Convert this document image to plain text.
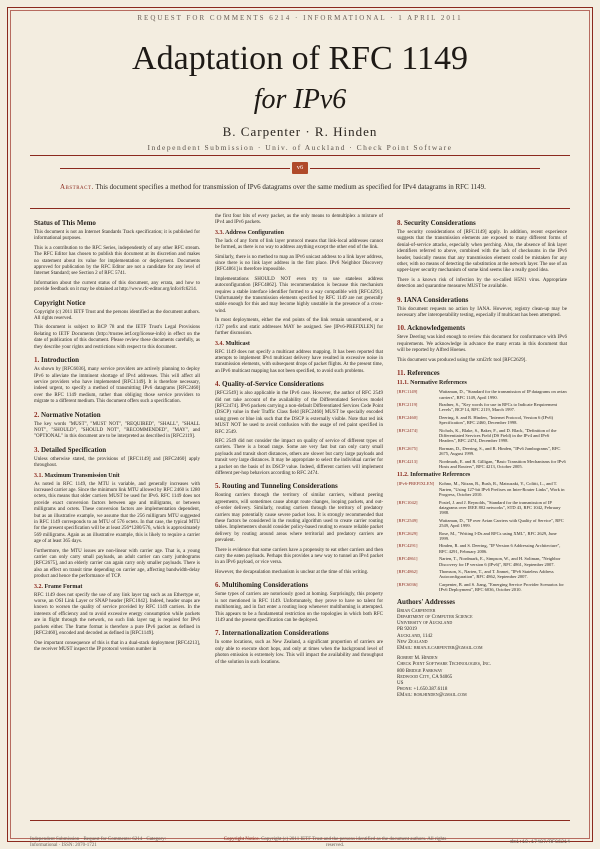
REQUEST FOR COMMENTS 6214 · INFORMATIONAL · 1 APRIL 2011
Adaptation of RFC 1149
for IPv6
B. Carpenter · R. Hinden
Independent Submission · Univ. of Auckland · Check Point Software
v6
Abstract. This document specifies a method for transmission of IPv6 datagrams over the same medium as specified for IPv4 datagrams in RFC 1149.
Status of This Memo

This document is not an Internet Standards Track specification; it is published for informational purposes.

This is a contribution to the RFC Series, independently of any other RFC stream. The RFC Editor has chosen to publish this document at its discretion and makes no statement about its value for implementation or deployment. Documents approved for publication by the RFC Editor are not a candidate for any level of Internet Standard; see Section 2 of RFC 5741.

Information about the current status of this document, any errata, and how to provide feedback on it may be obtained at http://www.rfc-editor.org/info/rfc6214.

Copyright Notice

Copyright (c) 2011 IETF Trust and the persons identified as the document authors. All rights reserved.

This document is subject to BCP 78 and the IETF Trust's Legal Provisions Relating to IETF Documents (http://trustee.ietf.org/license-info) in effect on the date of publication of this document. Please review these documents carefully, as they describe your rights and restrictions with respect to this document.

1. Introduction

As shown by [RFC6036], many service providers are actively planning to deploy IPv6 to alleviate the imminent shortage of IPv4 addresses. This will affect all service providers who have implemented [RFC1149]. It is therefore necessary, indeed urgent, to specify a method of transmitting IPv6 datagrams [RFC2460] over the RFC 1149 medium, rather than obliging those service providers to migrate to a different medium. This document offers such a specification.

2. Normative Notation

The key words "MUST", "MUST NOT", "REQUIRED", "SHALL", "SHALL NOT", "SHOULD", "SHOULD NOT", "RECOMMENDED", "MAY", and "OPTIONAL" in this document are to be interpreted as described in [RFC2119].

3. Detailed Specification

Unless otherwise stated, the provisions of [RFC1149] and [RFC2460] apply throughout.

3.1. Maximum Transmission Unit

As noted in RFC 1149, the MTU is variable, and generally increases with increased carrier age. Since the minimum link MTU allowed by RFC 2460 is 1280 octets, this means that older carriers MUST be used for IPv6. RFC 1149 does not provide exact conversion factors between age and milligrams, or between milligrams and octets. These conversion factors are implementation dependent, but as an illustrative example, we assume that the 256 milligram MTU suggested in RFC 1149 corresponds to an MTU of 576 octets. In that case, the typical MTU for the present specification will be at least 256*1280/576, which is approximately 569 milligrams. Again as an illustrative example, this is likely to require a carrier age of at least 365 days.

Furthermore, the MTU issues are non-linear with carrier age. That is, a young carrier can only carry small payloads, an adult carrier can carry jumbograms [RFC2675], and an elderly carrier can again carry only smaller payloads. There is also an effect on transit time depending on carrier age, affecting bandwidth-delay product and hence the performance of TCP.

3.2. Frame Format

RFC 1149 does not specify the use of any link layer tag such as an Ethertype or, worse, an OSI Link Layer or SNAP header [RFC1042]. Indeed, header snaps are known to worsen the quality of service provided by RFC 1149 carriers. In the interests of efficiency and to avoid excessive energy consumption while packets are in flight through the network, no such link layer tag is required for IPv6 packets either. The frame format is therefore a pure IPv6 packet as defined in [RFC2460], encoded and decoded as defined in [RFC1149].

One important consequence of this is that in a dual-stack deployment [RFC4213], the receiver MUST inspect the IP protocol version number in

the first four bits of every packet, as the only means to demultiplex a mixture of IPv4 and IPv6 packets.

3.3. Address Configuration

The lack of any form of link layer protocol means that link-local addresses cannot be formed, as there is no way to address anything except the other end of the link.

Similarly, there is no method to map an IPv6 unicast address to a link layer address, since there is no link layer address in the first place. IPv6 Neighbor Discovery [RFC4861] is therefore impossible.

Implementations SHOULD NOT even try to use stateless address autoconfiguration [RFC4862]. This recommendation is because this mechanism requires a stable interface identifier formed to a way compatible with [RFC4291]. Unfortunately the transmission elements specified by RFC 1149 are not generally stable enough for this and may become highly unstable in the presence of a cross-wind.

In most deployments, either the end points of the link remain unnumbered, or a /127 prefix and static addresses MAY be assigned. See [IPv6-PREFIXLEN] for further discussion.

3.4. Multicast

RFC 1149 does not specify a multicast address mapping. It has been reported that attempts to implement IPv4 multicast delivery have resulted in excessive noise in transmission elements, with subsequent drops of packet flights. At the present time, an IPv6 multicast mapping has not been specified, to avoid such problems.

4. Quality-of-Service Considerations

[RFC2549] is also applicable in the IPv6 case. However, the author of RFC 2549 did not take account of the availability of the Differentiated Services model [RFC2474]. IPv6 packets carrying a non-default Differentiated Services Code Point (DSCP) value in their Traffic Class field [RFC2460] MUST be specially encoded using green or blue ink such that the DSCP is externally visible. Note that red ink MUST NOT be used to avoid confusion with the usage of red paint specified in RFC 2549.

RFC 2549 did not consider the impact on quality of service of different types of carriers. There is a broad range. Some are very fast but can only carry small payloads and transit short distances, others are slower but carry large payloads and transit very large distances. It may be appropriate to select the individual carrier for a packet on the basis of its DSCP value. Indeed, different carriers will implement different per-hop behaviors according to RFC 2474.

5. Routing and Tunneling Considerations

Routing carriers through the territory of similar carriers, without peering agreements, will sometimes cause abrupt route changes, looping packets, and out-of-order delivery. Similarly, routing carriers through the territory of predatory carriers may potentially cause severe packet loss. It is strongly recommended that these factors be considered in the routing algorithm used to create carrier routing tables. Implementers should consider policy-based routing to ensure reliable packet delivery by routing around areas where territorial and predatory carriers are prevalent.

There is evidence that some carriers have a propensity to eat other carriers and then carry the eaten payloads. Perhaps this provides a new way to tunnel an IPv4 packet in an IPv6 payload, or vice versa.

However, the decapsulation mechanism is unclear at the time of this writing.

6. Multihoming Considerations

Some types of carriers are notoriously good at homing. Surprisingly, this property is not mentioned in RFC 1149. Unfortunately, they prove to have no talent for multihoming, and in fact enter a routing loop whenever multihoming is attempted. This appears to be a fundamental restriction on the topologies in which both RFC 1149 and the present specification can be deployed.

7. Internationalization Considerations

In some locations, such as New Zealand, a significant proportion of carriers are only able to execute short hops, and only at times when the background level of photon emission is extremely low. This will impact the availability and throughput of the solution in such locations.

8. Security Considerations

The security considerations of [RFC1149] apply. In addition, recent experience suggests that the transmission elements are exposed to many different forms of denial-of-service attacks, especially when perching. Also, the absence of link layer identifiers referred to above, combined with the lack of checksums in the IPv6 header, basically means that any transmission element could be mistaken for any other, with no means of detecting the substitution at the network layer. The use of an upper-layer security mechanism of some kind seems like a really good idea.

There is a known risk of infection by the so-called H5N1 virus. Appropriate detection and quarantine measures MUST be available.

9. IANA Considerations

This document requests no action by IANA. However, registry clean-up may be necessary after interoperability testing, especially if multicast has been attempted.

10. Acknowledgements

Steve Deering was kind enough to review this document for conformance with IPv6 requirements. We acknowledge in advance the many errata in this document that will be reported by Alfred Hoenes.

This document was produced using the xml2rfc tool [RFC2629].

11. References
11.1. Normative References
[RFC1149]	Waitzman, D., "Standard for the transmission of IP datagrams on avian carriers", RFC 1149, April 1990.
[RFC2119]	Bradner, S., "Key words for use in RFCs to Indicate Requirement Levels", BCP 14, RFC 2119, March 1997.
[RFC2460]	Deering, S. and R. Hinden, "Internet Protocol, Version 6 (IPv6) Specification", RFC 2460, December 1998.
[RFC2474]	Nichols, K., Blake, S., Baker, F., and D. Black, "Definition of the Differentiated Services Field (DS Field) in the IPv4 and IPv6 Headers", RFC 2474, December 1998.
[RFC2675]	Borman, D., Deering, S., and R. Hinden, "IPv6 Jumbograms", RFC 2675, August 1999.
[RFC4213]	Nordmark, E. and R. Gilligan, "Basic Transition Mechanisms for IPv6 Hosts and Routers", RFC 4213, October 2005.
11.2. Informative References
[IPv6-PREFIXLEN]	Kohno, M., Nitzan, B., Bush, R., Matsuzaki, Y., Colitti, L., and T. Narten, "Using 127-bit IPv6 Prefixes on Inter-Router Links", Work in Progress, October 2010.
[RFC1042]	Postel, J. and J. Reynolds, "Standard for the transmission of IP datagrams over IEEE 802 networks", STD 43, RFC 1042, February 1988.
[RFC2549]	Waitzman, D., "IP over Avian Carriers with Quality of Service", RFC 2549, April 1999.
[RFC2629]	Rose, M., "Writing I-Ds and RFCs using XML", RFC 2629, June 1999.
[RFC4291]	Hinden, R. and S. Deering, "IP Version 6 Addressing Architecture", RFC 4291, February 2006.
[RFC4861]	Narten, T., Nordmark, E., Simpson, W., and H. Soliman, "Neighbor Discovery for IP version 6 (IPv6)", RFC 4861, September 2007.
[RFC4862]	Thomson, S., Narten, T., and T. Jinmei, "IPv6 Stateless Address Autoconfiguration", RFC 4862, September 2007.
[RFC6036]	Carpenter, B. and S. Jiang, "Emerging Service Provider Scenarios for IPv6 Deployment", RFC 6036, October 2010.
Authors' Addresses
Brian Carpenter
Department of Computer Science
University of Auckland
PB 92019
Auckland, 1142
New Zealand
EMail: brian.e.carpenter@gmail.com
Robert M. Hinden
Check Point Software Technologies, Inc.
800 Bridge Parkway
Redwood City, CA 94065
US
Phone: +1.650.387.6118
EMail: bob.hinden@gmail.com
Independent Submission · Request for Comments: 6214 · Category:
Informational · ISSN: 2070-1721
Copyright Notice. Copyright (c) 2011 IETF Trust and the persons identified as the document authors. All rights reserved.
doi:10.17487/RFC6214
